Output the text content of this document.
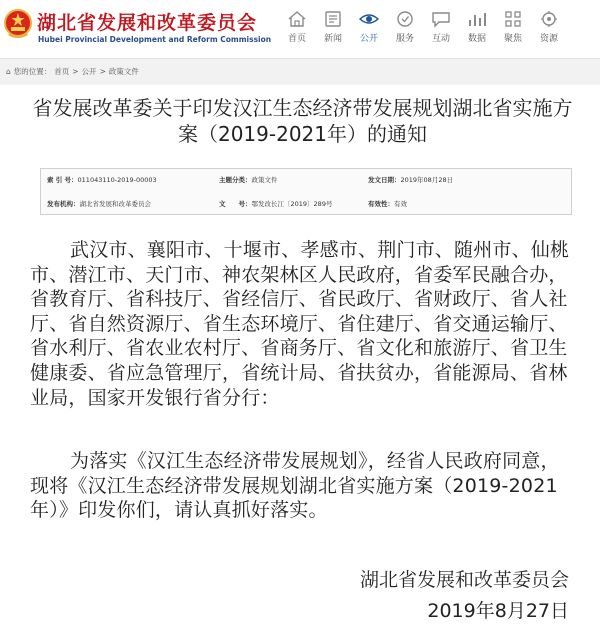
湖北省发展和改革委员会
Hubei Provincial Development and Reform Commission	首页	新闻	公开	服务	互动	数据	聚焦	资源
⌂ 您的位置： 首页 > 公开 > 政策文件
省发展改革委关于印发汉江生态经济带发展规划湖北省实施方案（2019-2021年）的通知
索 引 号：011043110-2019-00003	主题分类：政策文件	发文日期：2019年08月28日
发布机构：湖北省发展和改革委员会	文　　号：鄂发改长江〔2019〕289号	有效性：有效
武汉市、襄阳市、十堰市、孝感市、荆门市、随州市、仙桃市、潜江市、天门市、神农架林区人民政府，省委军民融合办，省教育厅、省科技厅、省经信厅、省民政厅、省财政厅、省人社厅、省自然资源厅、省生态环境厅、省住建厅、省交通运输厅、省水利厅、省农业农村厅、省商务厅、省文化和旅游厅、省卫生健康委、省应急管理厅，省统计局、省扶贫办，省能源局、省林业局，国家开发银行省分行：
为落实《汉江生态经济带发展规划》，经省人民政府同意，现将《汉江生态经济带发展规划湖北省实施方案（2019-2021年）》印发你们，请认真抓好落实。
湖北省发展和改革委员会
2019年8月27日
